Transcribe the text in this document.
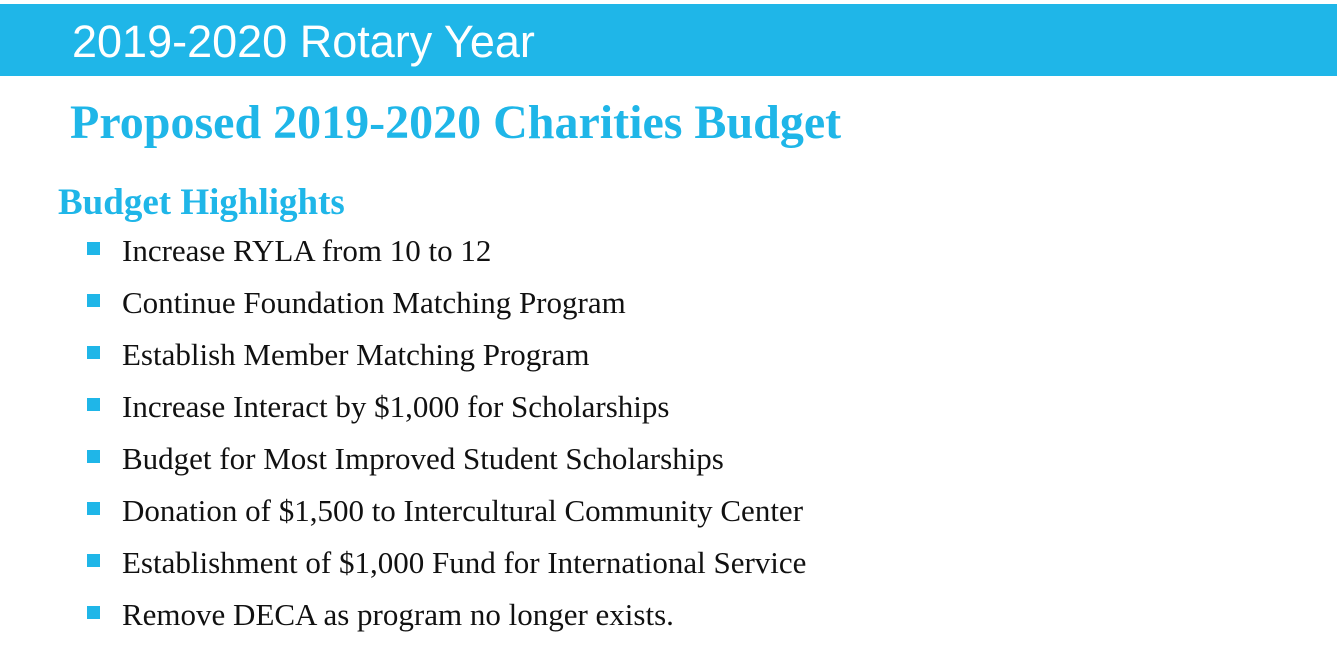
2019-2020 Rotary Year
Proposed 2019-2020 Charities Budget
Budget Highlights
Increase RYLA from 10 to 12
Continue Foundation Matching Program
Establish Member Matching Program
Increase Interact by $1,000 for Scholarships
Budget for Most Improved Student Scholarships
Donation of $1,500 to Intercultural Community Center
Establishment of $1,000 Fund for International Service
Remove DECA as program no longer exists.
